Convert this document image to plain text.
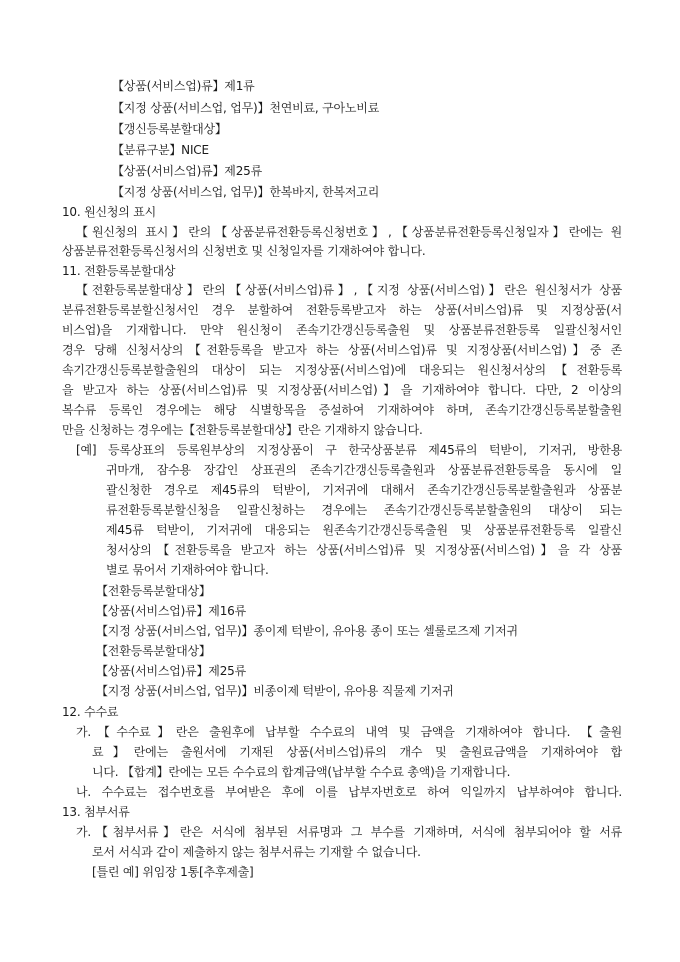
【상품(서비스업)류】제1류
【지정 상품(서비스업, 업무)】천연비료, 구아노비료
【갱신등록분할대상】
【분류구분】NICE
【상품(서비스업)류】제25류
【지정 상품(서비스업, 업무)】한복바지, 한복저고리
10. 원신청의 표시
【원신청의 표시】란의【상품분류전환등록신청번호】,【상품분류전환등록신청일자】란에는 원
상품분류전환등록신청서의 신청번호 및 신청일자를 기재하여야 합니다.
11. 전환등록분할대상
【전환등록분할대상】란의【상품(서비스업)류】,【지정 상품(서비스업)】란은 원신청서가 상품
분류전환등록분할신청서인 경우 분할하여 전환등록받고자 하는 상품(서비스업)류 및 지정상품(서
비스업)을 기재합니다. 만약 원신청이 존속기간갱신등록출원 및 상품분류전환등록 일괄신청서인
경우 당해 신청서상의【전환등록을 받고자 하는 상품(서비스업)류 및 지정상품(서비스업)】중 존
속기간갱신등록분할출원의 대상이 되는 지정상품(서비스업)에 대응되는 원신청서상의【전환등록
을 받고자 하는 상품(서비스업)류 및 지정상품(서비스업)】을 기재하여야 합니다. 다만, 2 이상의
복수류 등록인 경우에는 해당 식별항목을 증설하여 기재하여야 하며, 존속기간갱신등록분할출원
만을 신청하는 경우에는【전환등록분할대상】란은 기재하지 않습니다.
[예] 등록상표의 등록원부상의 지정상품이 구 한국상품분류 제45류의 턱받이, 기저귀, 방한용
귀마개, 잠수용 장갑인 상표권의 존속기간갱신등록출원과 상품분류전환등록을 동시에 일
괄신청한 경우로 제45류의 턱받이, 기저귀에 대해서 존속기간갱신등록분할출원과 상품분
류전환등록분할신청을 일괄신청하는 경우에는 존속기간갱신등록분할출원의 대상이 되는
제45류 턱받이, 기저귀에 대응되는 원존속기간갱신등록출원 및 상품분류전환등록 일괄신
청서상의【전환등록을 받고자 하는 상품(서비스업)류 및 지정상품(서비스업)】을 각 상품
별로 묶어서 기재하여야 합니다.
【전환등록분할대상】
【상품(서비스업)류】제16류
【지정 상품(서비스업, 업무)】종이제 턱받이, 유아용 종이 또는 셀룰로즈제 기저귀
【전환등록분할대상】
【상품(서비스업)류】제25류
【지정 상품(서비스업, 업무)】비종이제 턱받이, 유아용 직물제 기저귀
12. 수수료
가.【수수료】란은 출원후에 납부할 수수료의 내역 및 금액을 기재하여야 합니다. 【출원
료】란에는 출원서에 기재된 상품(서비스업)류의 개수 및 출원료금액을 기재하여야 합
니다. 【합계】란에는 모든 수수료의 합계금액(납부할 수수료 총액)을 기재합니다.
나. 수수료는 접수번호를 부여받은 후에 이를 납부자번호로 하여 익일까지 납부하여야 합니다.
13. 첨부서류
가.【첨부서류】란은 서식에 첨부된 서류명과 그 부수를 기재하며, 서식에 첨부되어야 할 서류
로서 서식과 같이 제출하지 않는 첨부서류는 기재할 수 없습니다.
[틀린 예] 위임장 1통[추후제출]
